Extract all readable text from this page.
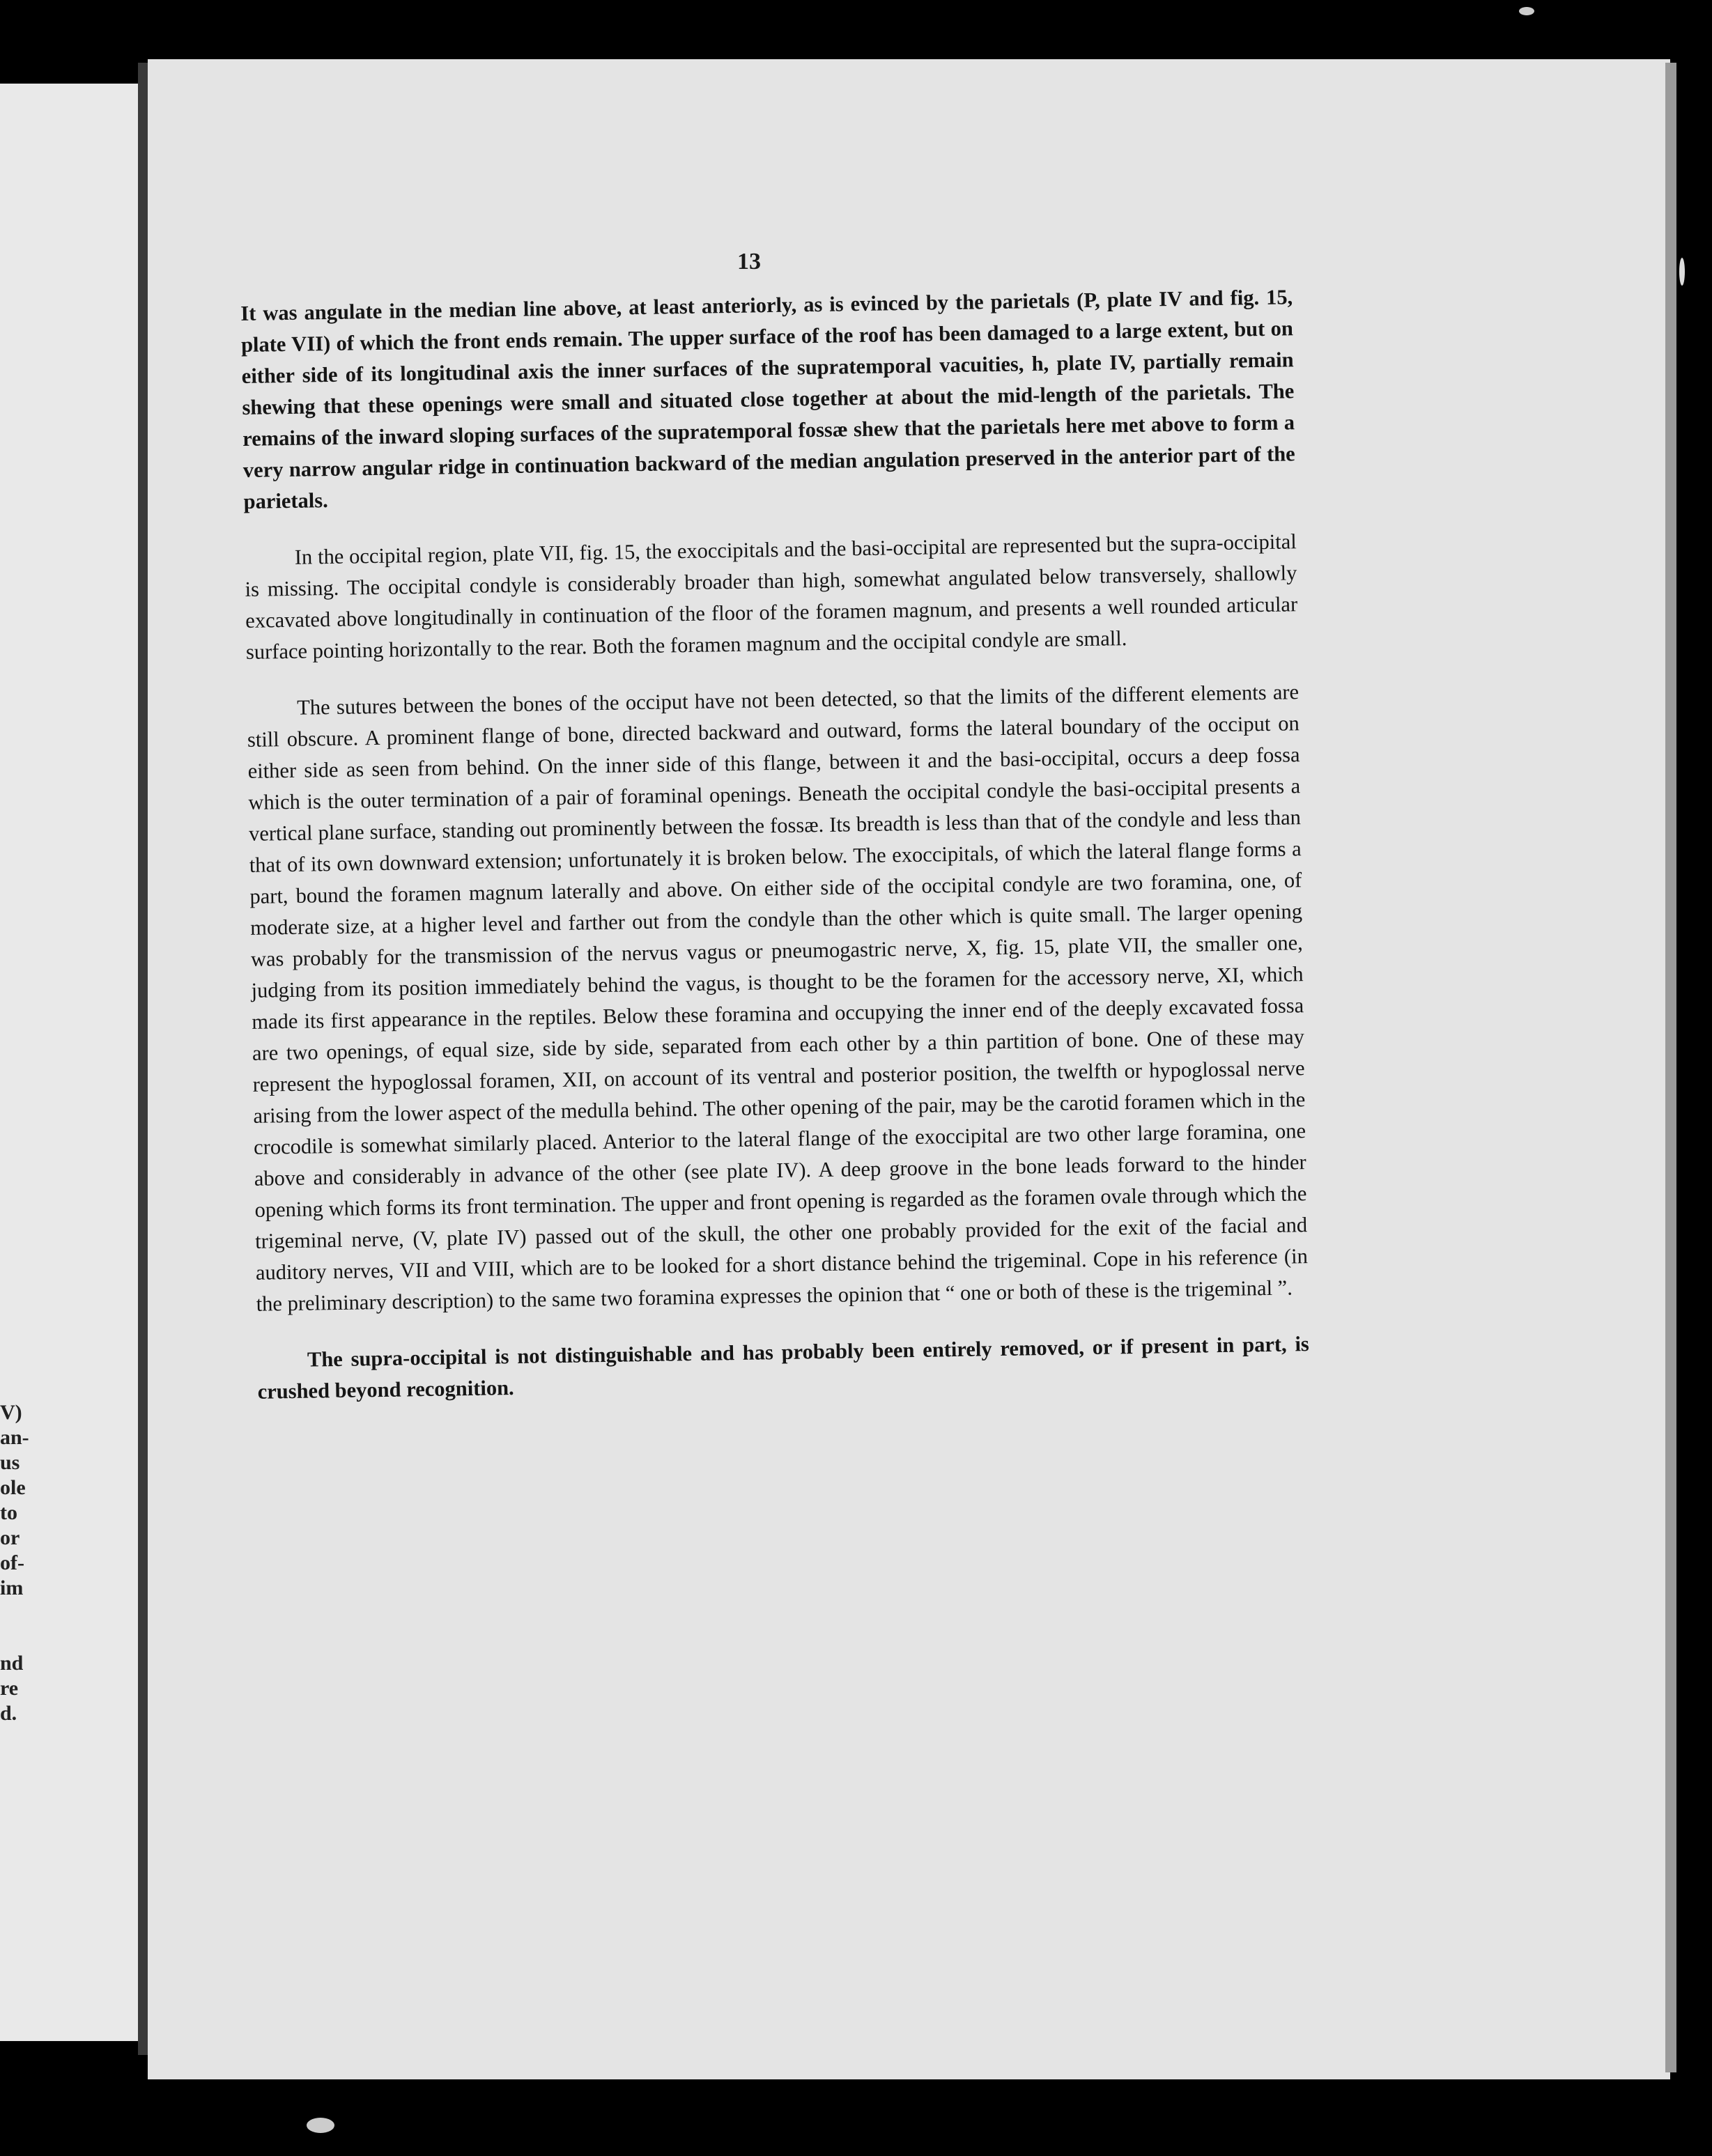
V)
an-
us
ole
to
or
of-
im
nd
re
d.
13

It was angulate in the median line above, at least anteriorly, as is evinced by the parietals (P, plate IV and fig. 15, plate VII) of which the front ends remain. The upper surface of the roof has been damaged to a large extent, but on either side of its longitudinal axis the inner surfaces of the supratemporal vacuities, h, plate IV, partially remain shewing that these openings were small and situated close together at about the mid-length of the parietals. The remains of the inward sloping surfaces of the supratemporal fossæ shew that the parietals here met above to form a very narrow angular ridge in continuation backward of the median angulation preserved in the anterior part of the parietals.

In the occipital region, plate VII, fig. 15, the exoccipitals and the basi-occipital are represented but the supra-occipital is missing. The occipital condyle is considerably broader than high, somewhat angulated below transversely, shallowly excavated above longitudinally in continuation of the floor of the foramen magnum, and presents a well rounded articular surface pointing horizontally to the rear. Both the foramen magnum and the occipital condyle are small.

The sutures between the bones of the occiput have not been detected, so that the limits of the different elements are still obscure. A prominent flange of bone, directed backward and outward, forms the lateral boundary of the occiput on either side as seen from behind. On the inner side of this flange, between it and the basi-occipital, occurs a deep fossa which is the outer termination of a pair of foraminal openings. Beneath the occipital condyle the basi-occipital presents a vertical plane surface, standing out prominently between the fossæ. Its breadth is less than that of the condyle and less than that of its own downward extension; unfortunately it is broken below. The exoccipitals, of which the lateral flange forms a part, bound the foramen magnum laterally and above. On either side of the occipital condyle are two foramina, one, of moderate size, at a higher level and farther out from the condyle than the other which is quite small. The larger opening was probably for the transmission of the nervus vagus or pneumogastric nerve, X, fig. 15, plate VII, the smaller one, judging from its position immediately behind the vagus, is thought to be the foramen for the accessory nerve, XI, which made its first appearance in the reptiles. Below these foramina and occupying the inner end of the deeply excavated fossa are two openings, of equal size, side by side, separated from each other by a thin partition of bone. One of these may represent the hypoglossal foramen, XII, on account of its ventral and posterior position, the twelfth or hypoglossal nerve arising from the lower aspect of the medulla behind. The other opening of the pair, may be the carotid foramen which in the crocodile is somewhat similarly placed. Anterior to the lateral flange of the exoccipital are two other large foramina, one above and considerably in advance of the other (see plate IV). A deep groove in the bone leads forward to the hinder opening which forms its front termination. The upper and front opening is regarded as the foramen ovale through which the trigeminal nerve, (V, plate IV) passed out of the skull, the other one probably provided for the exit of the facial and auditory nerves, VII and VIII, which are to be looked for a short distance behind the trigeminal. Cope in his reference (in the preliminary description) to the same two foramina expresses the opinion that “ one or both of these is the trigeminal ”.

The supra-occipital is not distinguishable and has probably been entirely removed, or if present in part, is crushed beyond recognition.
